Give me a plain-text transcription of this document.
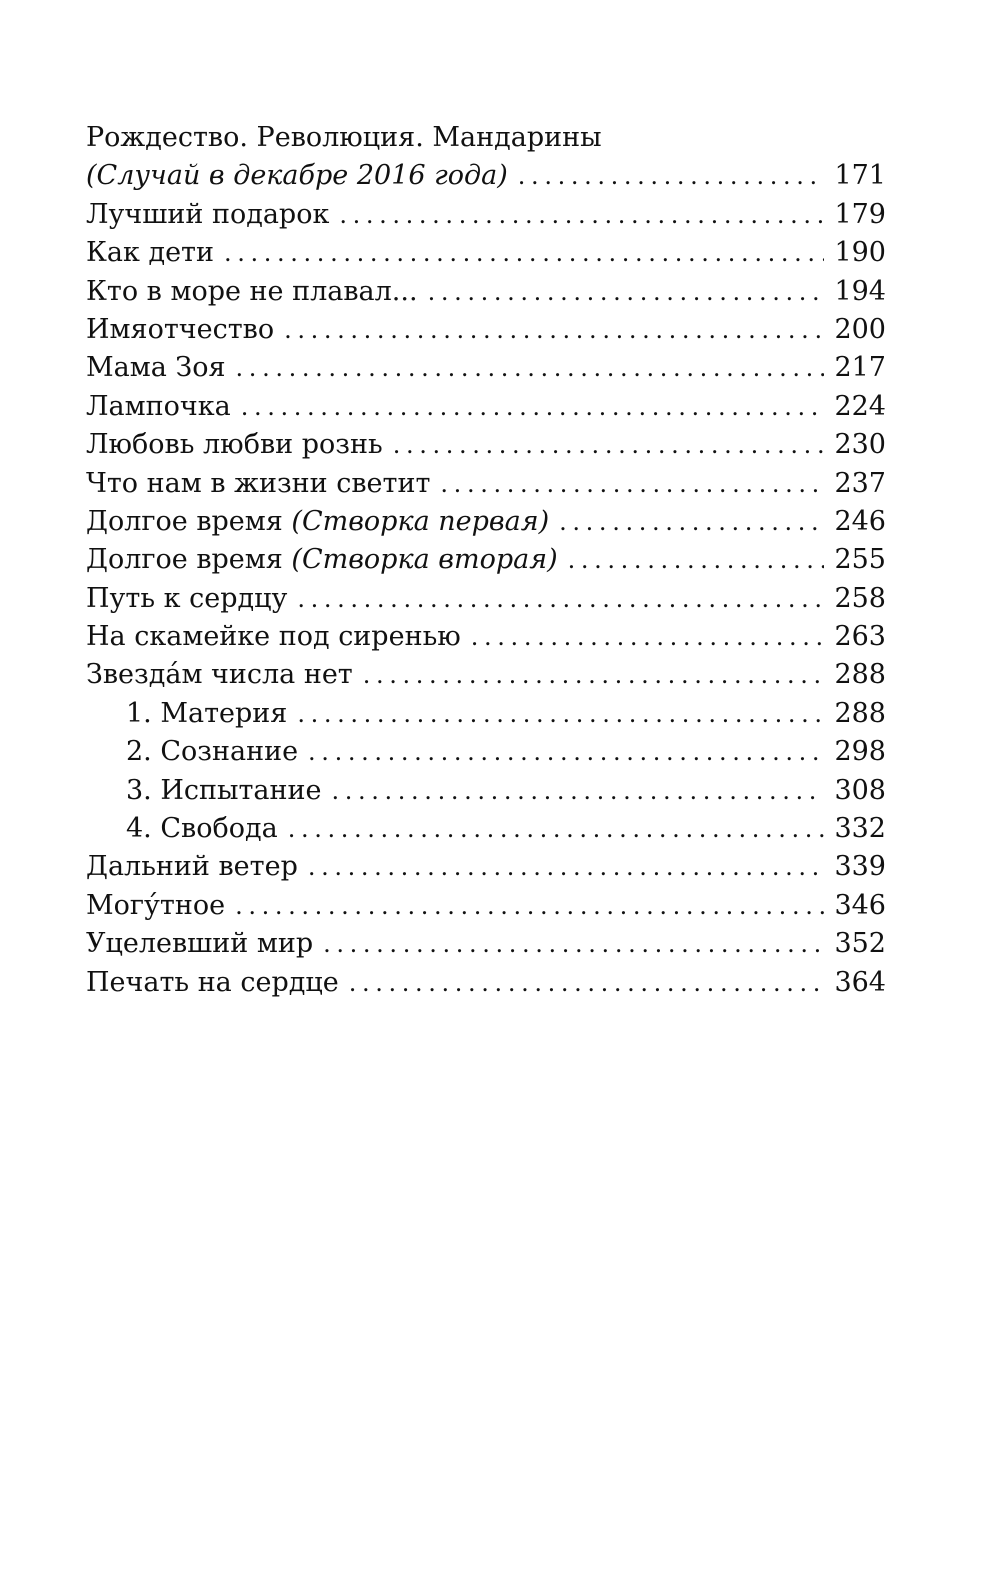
Рождество. Революция. Мандарины
(Случай в декабре 2016 года) . . .	171
Лучший подарок . . .	179
Как дети . . .	190
Кто в море не плавал... . . .	194
Имяотчество . . .	200
Мама Зоя . . .	217
Лампочка . . .	224
Любовь любви рознь . . .	230
Что нам в жизни светит . . .	237
Долгое время (Створка первая) . . .	246
Долгое время (Створка вторая) . . .	255
Путь к сердцу . . .	258
На скамейке под сиренью . . .	263
Звезда́м числа нет . . .	288
1. Материя . . .	288
2. Сознание . . .	298
3. Испытание . . .	308
4. Свобода . . .	332
Дальний ветер . . .	339
Могу́тное . . .	346
Уцелевший мир . . .	352
Печать на сердце . . .	364
